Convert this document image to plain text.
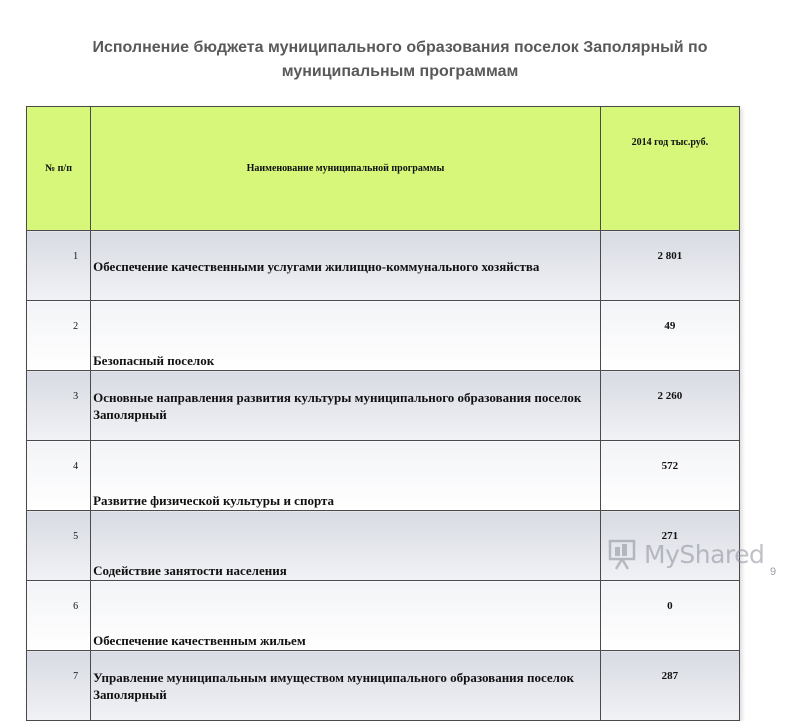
Исполнение бюджета муниципального образования поселок Заполярный по муниципальным программам
№ п/п	Наименование муниципальной программы	2014 год тыс.руб.
1	Обеспечение качественными услугами жилищно-коммунального хозяйства	2 801
2	Безопасный поселок	49
3	Основные направления развития культуры муниципального образования поселок Заполярный	2 260
4	Развитие физической культуры и спорта	572
5	Содействие занятости населения	271
6	Обеспечение качественным жильем	0
7	Управление муниципальным имуществом муниципального образования поселок Заполярный	287
MyShared
9
